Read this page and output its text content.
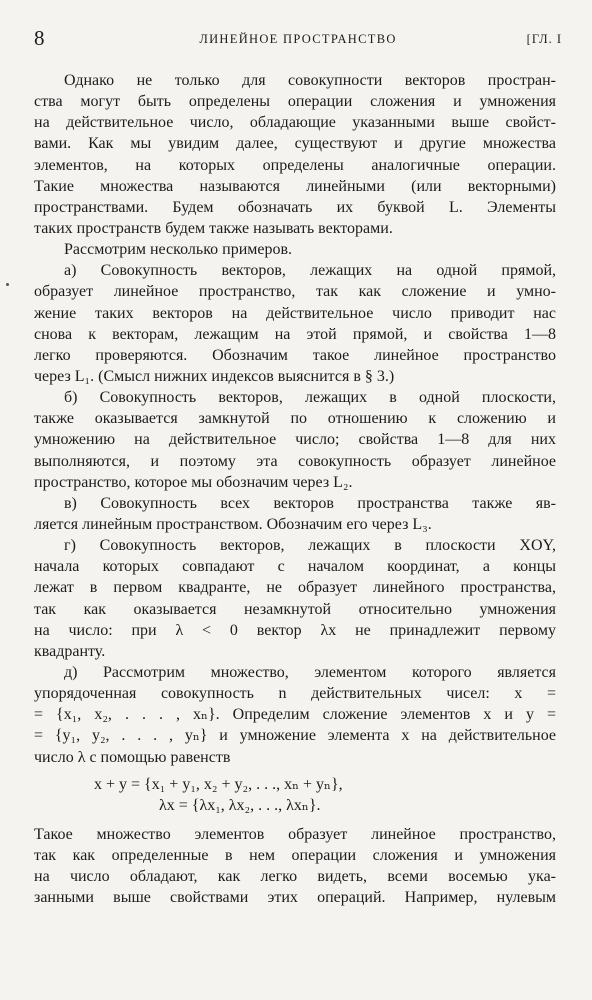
8	ЛИНЕЙНОЕ ПРОСТРАНСТВО	[ГЛ. I
Однако не только для совокупности векторов простран-
ства могут быть определены операции сложения и умножения
на действительное число, обладающие указанными выше свойст-
вами. Как мы увидим далее, существуют и другие множества
элементов, на которых определены аналогичные операции.
Такие множества называются линейными (или векторными)
пространствами. Будем обозначать их буквой L. Элементы
таких пространств будем также называть векторами.
Рассмотрим несколько примеров.
а) Совокупность векторов, лежащих на одной прямой,
образует линейное пространство, так как сложение и умно-
жение таких векторов на действительное число приводит нас
снова к векторам, лежащим на этой прямой, и свойства 1—8
легко проверяются. Обозначим такое линейное пространство
через L₁. (Смысл нижних индексов выяснится в § 3.)
б) Совокупность векторов, лежащих в одной плоскости,
также оказывается замкнутой по отношению к сложению и
умножению на действительное число; свойства 1—8 для них
выполняются, и поэтому эта совокупность образует линейное
пространство, которое мы обозначим через L₂.
в) Совокупность всех векторов пространства также яв-
ляется линейным пространством. Обозначим его через L₃.
г) Совокупность векторов, лежащих в плоскости XOY,
начала которых совпадают с началом координат, а концы
лежат в первом квадранте, не образует линейного пространства,
так как оказывается незамкнутой относительно умножения
на число: при λ < 0 вектор λx не принадлежит первому
квадранту.
д) Рассмотрим множество, элементом которого является
упорядоченная совокупность n действительных чисел: x =
= {x₁, x₂, . . . , xₙ}. Определим сложение элементов x и y =
= {y₁, y₂, . . . , yₙ} и умножение элемента x на действительное
число λ с помощью равенств
x + y = {x₁ + y₁, x₂ + y₂, . . ., xₙ + yₙ},
λx = {λx₁, λx₂, . . ., λxₙ}.
Такое множество элементов образует линейное пространство,
так как определенные в нем операции сложения и умножения
на число обладают, как легко видеть, всеми восемью ука-
занными выше свойствами этих операций. Например, нулевым
